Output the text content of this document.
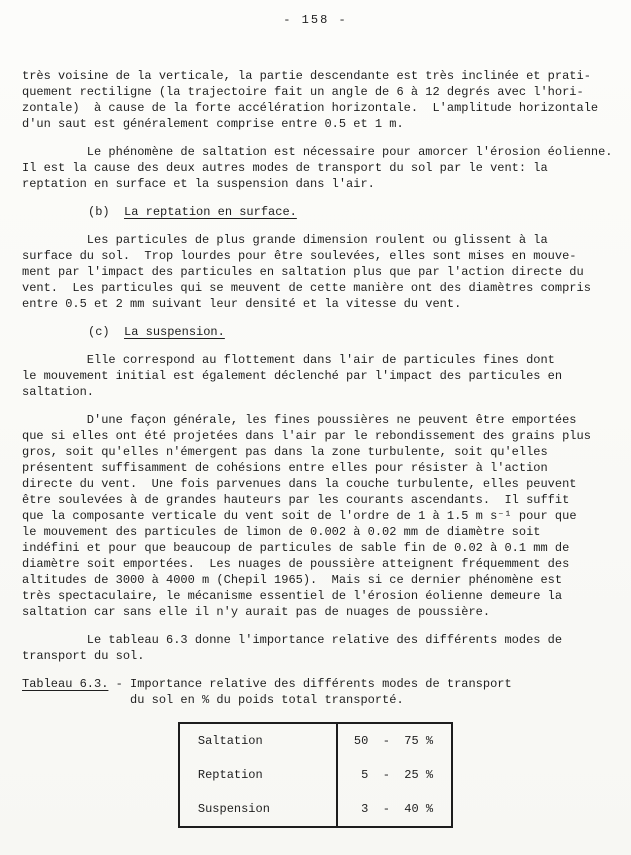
- 158 -
très voisine de la verticale, la partie descendante est très inclinée et prati-
quement rectiligne (la trajectoire fait un angle de 6 à 12 degrés avec l'hori-
zontale)  à cause de la forte accélération horizontale.  L'amplitude horizontale
d'un saut est généralement comprise entre 0.5 et 1 m.
Le phénomène de saltation est nécessaire pour amorcer l'érosion éolienne.
Il est la cause des deux autres modes de transport du sol par le vent: la
reptation en surface et la suspension dans l'air.
(b)  La reptation en surface.
Les particules de plus grande dimension roulent ou glissent à la
surface du sol.  Trop lourdes pour être soulevées, elles sont mises en mouve-
ment par l'impact des particules en saltation plus que par l'action directe du
vent.  Les particules qui se meuvent de cette manière ont des diamètres compris
entre 0.5 et 2 mm suivant leur densité et la vitesse du vent.
(c)  La suspension.
Elle correspond au flottement dans l'air de particules fines dont
le mouvement initial est également déclenché par l'impact des particules en
saltation.
D'une façon générale, les fines poussières ne peuvent être emportées
que si elles ont été projetées dans l'air par le rebondissement des grains plus
gros, soit qu'elles n'émergent pas dans la zone turbulente, soit qu'elles
présentent suffisamment de cohésions entre elles pour résister à l'action
directe du vent.  Une fois parvenues dans la couche turbulente, elles peuvent
être soulevées à de grandes hauteurs par les courants ascendants.  Il suffit
que la composante verticale du vent soit de l'ordre de 1 à 1.5 m s⁻¹ pour que
le mouvement des particules de limon de 0.002 à 0.02 mm de diamètre soit
indéfini et pour que beaucoup de particules de sable fin de 0.02 à 0.1 mm de
diamètre soit emportées.  Les nuages de poussière atteignent fréquemment des
altitudes de 3000 à 4000 m (Chepil 1965).  Mais si ce dernier phénomène est
très spectaculaire, le mécanisme essentiel de l'érosion éolienne demeure la
saltation car sans elle il n'y aurait pas de nuages de poussière.
Le tableau 6.3 donne l'importance relative des différents modes de
transport du sol.
Tableau 6.3. - Importance relative des différents modes de transport
du sol en % du poids total transporté.
Saltation	50  -  75 %
Reptation	5  -  25 %
Suspension	3  -  40 %
